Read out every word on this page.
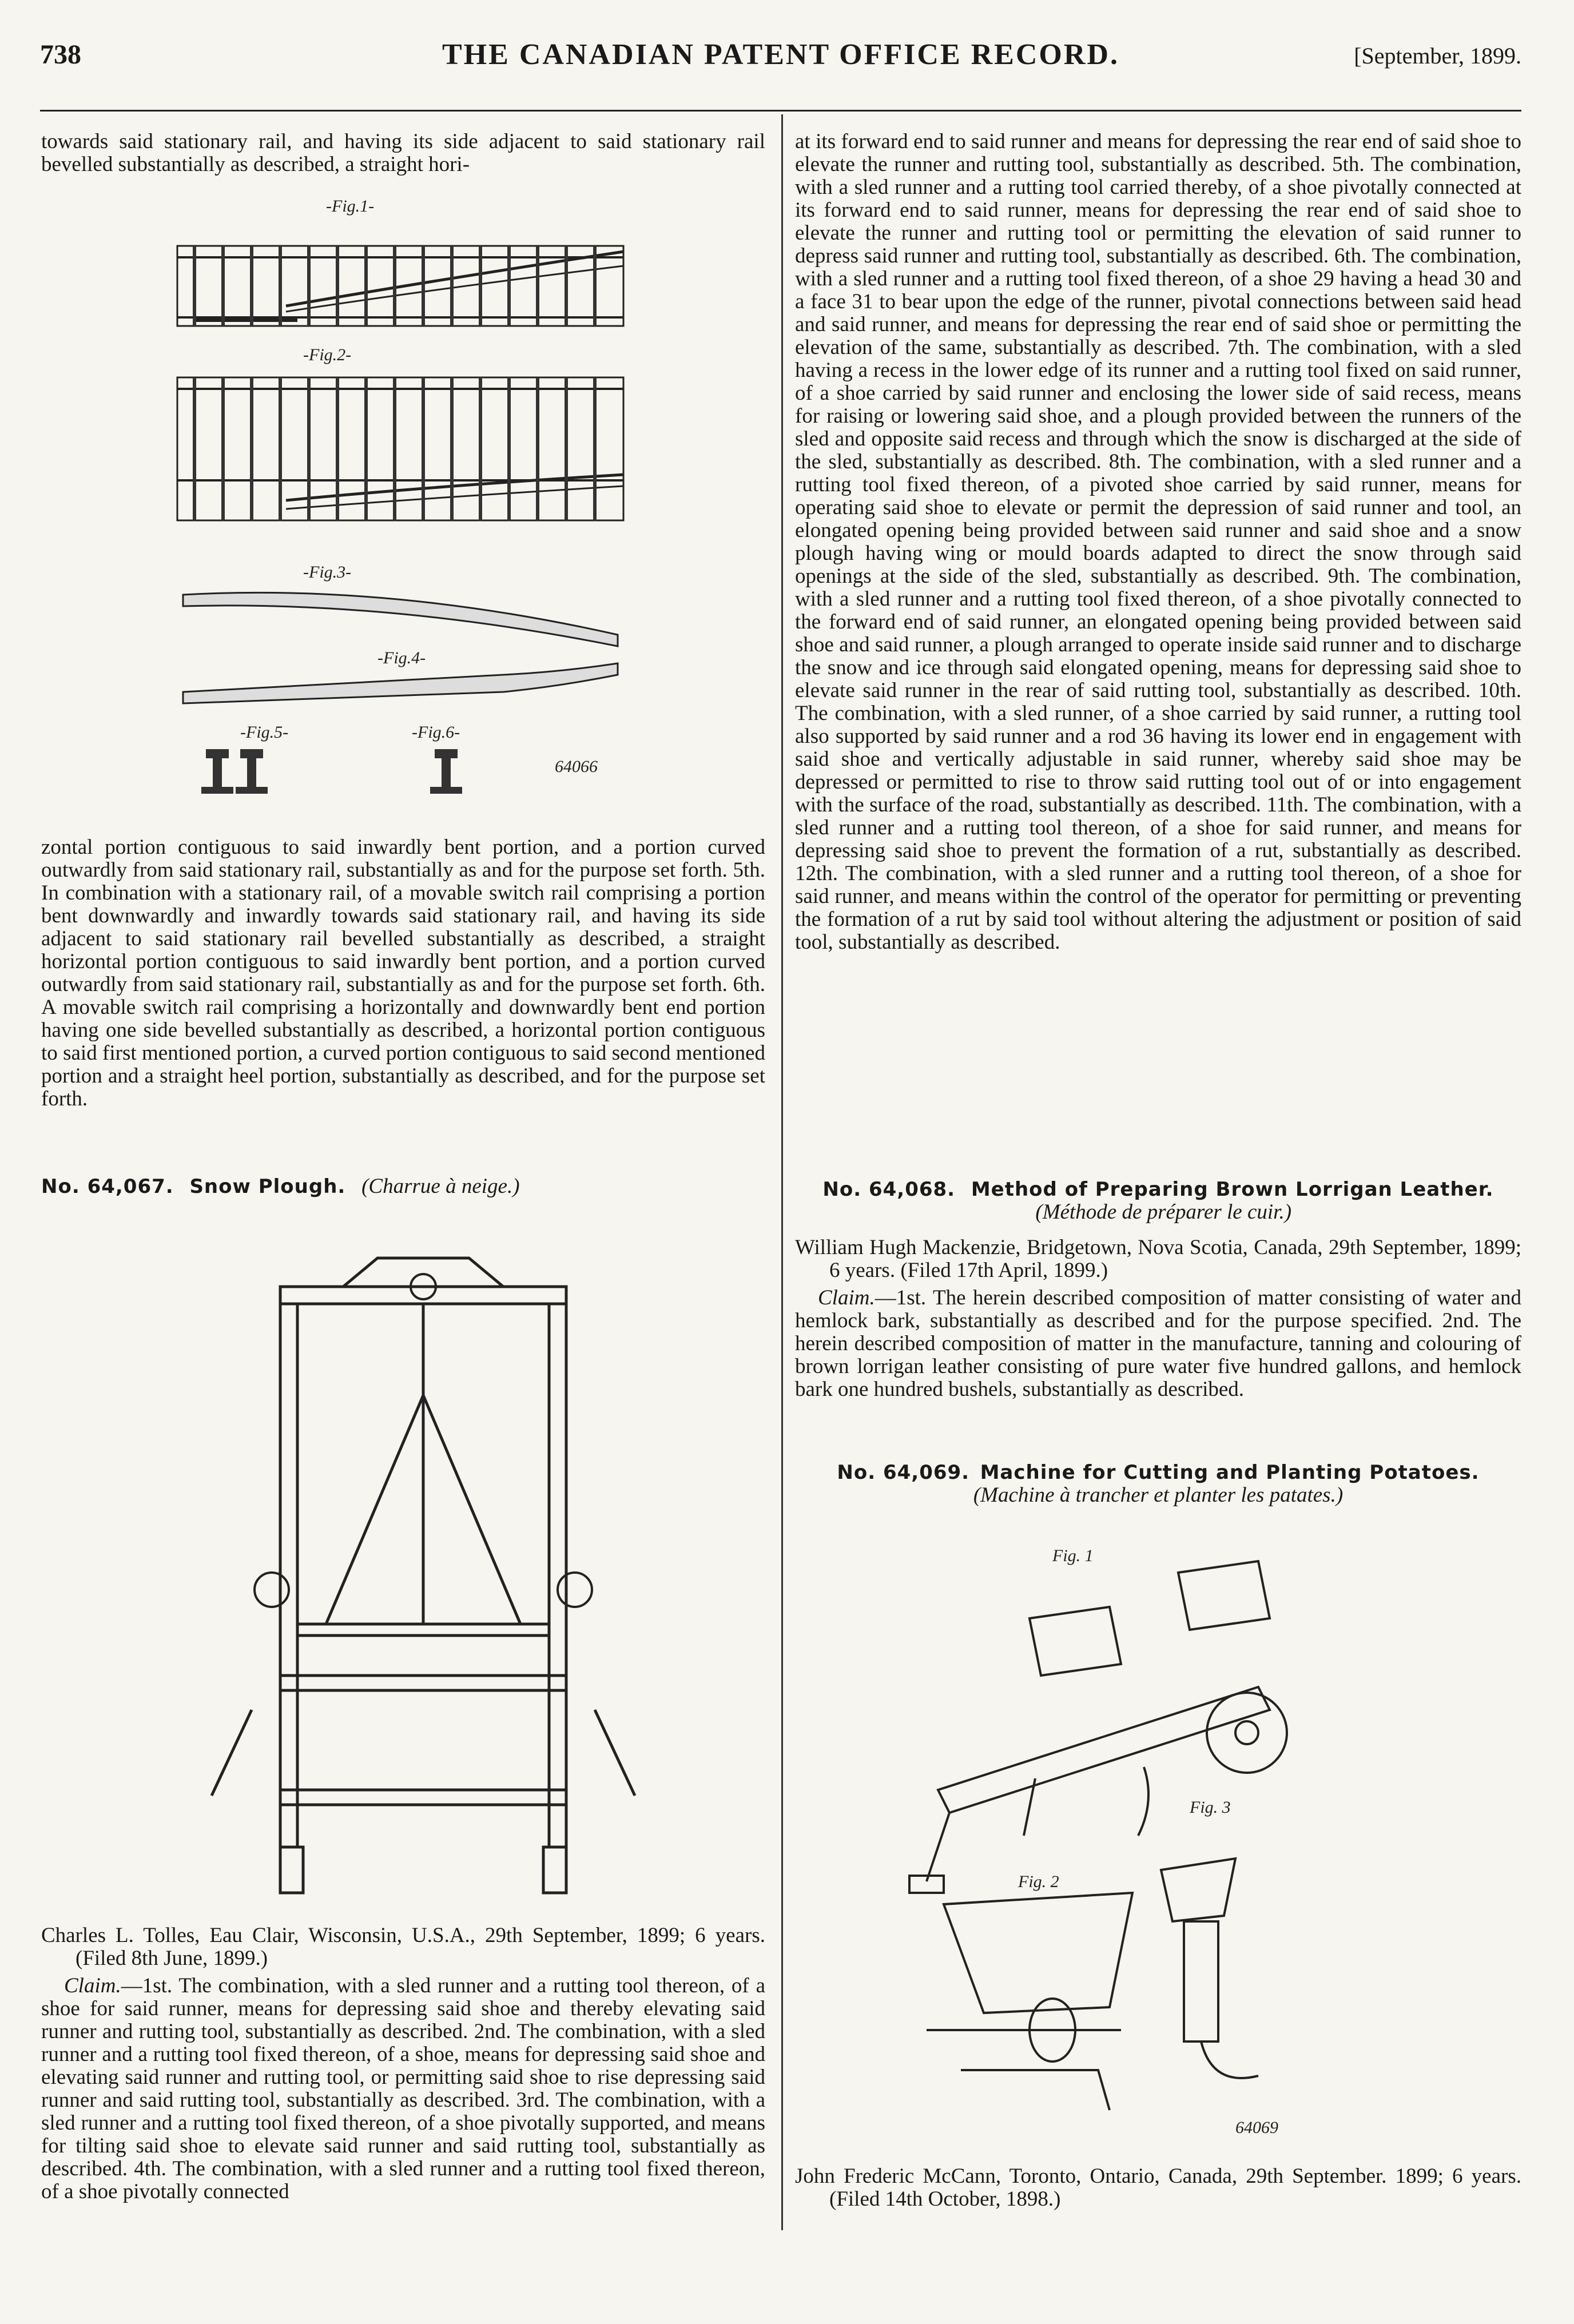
738	THE CANADIAN PATENT OFFICE RECORD.	[September, 1899.

towards said stationary rail, and having its side adjacent to said stationary rail bevelled substantially as described, a straight hori-

-Fig.1-
-Fig.2-
-Fig.3-
-Fig.4-
-Fig.5-	-Fig.6-
64066

zontal portion contiguous to said inwardly bent portion, and a portion curved outwardly from said stationary rail, substantially as and for the purpose set forth. 5th. In combination with a stationary rail, of a movable switch rail comprising a portion bent downwardly and inwardly towards said stationary rail, and having its side adjacent to said stationary rail bevelled substantially as described, a straight horizontal portion contiguous to said inwardly bent portion, and a portion curved outwardly from said stationary rail, substantially as and for the purpose set forth. 6th. A movable switch rail comprising a horizontally and downwardly bent end portion having one side bevelled substantially as described, a horizontal portion contiguous to said first mentioned portion, a curved portion contiguous to said second mentioned portion and a straight heel portion, substantially as described, and for the purpose set forth.

No. 64,067. Snow Plough. (Charrue à neige.)

Charles L. Tolles, Eau Clair, Wisconsin, U.S.A., 29th September, 1899; 6 years. (Filed 8th June, 1899.)

Claim.—1st. The combination, with a sled runner and a rutting tool thereon, of a shoe for said runner, means for depressing said shoe and thereby elevating said runner and rutting tool, substantially as described. 2nd. The combination, with a sled runner and a rutting tool fixed thereon, of a shoe, means for depressing said shoe and elevating said runner and rutting tool, or permitting said shoe to rise depressing said runner and said rutting tool, substantially as described. 3rd. The combination, with a sled runner and a rutting tool fixed thereon, of a shoe pivotally supported, and means for tilting said shoe to elevate said runner and said rutting tool, substantially as described. 4th. The combination, with a sled runner and a rutting tool fixed thereon, of a shoe pivotally connected

at its forward end to said runner and means for depressing the rear end of said shoe to elevate the runner and rutting tool, substantially as described. 5th. The combination, with a sled runner and a rutting tool carried thereby, of a shoe pivotally connected at its forward end to said runner, means for depressing the rear end of said shoe to elevate the runner and rutting tool or permitting the elevation of said runner to depress said runner and rutting tool, substantially as described. 6th. The combination, with a sled runner and a rutting tool fixed thereon, of a shoe 29 having a head 30 and a face 31 to bear upon the edge of the runner, pivotal connections between said head and said runner, and means for depressing the rear end of said shoe or permitting the elevation of the same, substantially as described. 7th. The combination, with a sled having a recess in the lower edge of its runner and a rutting tool fixed on said runner, of a shoe carried by said runner and enclosing the lower side of said recess, means for raising or lowering said shoe, and a plough provided between the runners of the sled and opposite said recess and through which the snow is discharged at the side of the sled, substantially as described. 8th. The combination, with a sled runner and a rutting tool fixed thereon, of a pivoted shoe carried by said runner, means for operating said shoe to elevate or permit the depression of said runner and tool, an elongated opening being provided between said runner and said shoe and a snow plough having wing or mould boards adapted to direct the snow through said openings at the side of the sled, substantially as described. 9th. The combination, with a sled runner and a rutting tool fixed thereon, of a shoe pivotally connected to the forward end of said runner, an elongated opening being provided between said shoe and said runner, a plough arranged to operate inside said runner and to discharge the snow and ice through said elongated opening, means for depressing said shoe to elevate said runner in the rear of said rutting tool, substantially as described. 10th. The combination, with a sled runner, of a shoe carried by said runner, a rutting tool also supported by said runner and a rod 36 having its lower end in engagement with said shoe and vertically adjustable in said runner, whereby said shoe may be depressed or permitted to rise to throw said rutting tool out of or into engagement with the surface of the road, substantially as described. 11th. The combination, with a sled runner and a rutting tool thereon, of a shoe for said runner, and means for depressing said shoe to prevent the formation of a rut, substantially as described. 12th. The combination, with a sled runner and a rutting tool thereon, of a shoe for said runner, and means within the control of the operator for permitting or preventing the formation of a rut by said tool without altering the adjustment or position of said tool, substantially as described.

No. 64,068. Method of Preparing Brown Lorrigan Leather.   (Méthode de préparer le cuir.)

William Hugh Mackenzie, Bridgetown, Nova Scotia, Canada, 29th September, 1899; 6 years. (Filed 17th April, 1899.)

Claim.—1st. The herein described composition of matter consisting of water and hemlock bark, substantially as described and for the purpose specified. 2nd. The herein described composition of matter in the manufacture, tanning and colouring of brown lorrigan leather consisting of pure water five hundred gallons, and hemlock bark one hundred bushels, substantially as described.

No. 64,069. Machine for Cutting and Planting Potatoes.

(Machine à trancher et planter les patates.)

Fig. 1
Fig. 3
Fig. 2
64069

John Frederic McCann, Toronto, Ontario, Canada, 29th September. 1899; 6 years. (Filed 14th October, 1898.)
